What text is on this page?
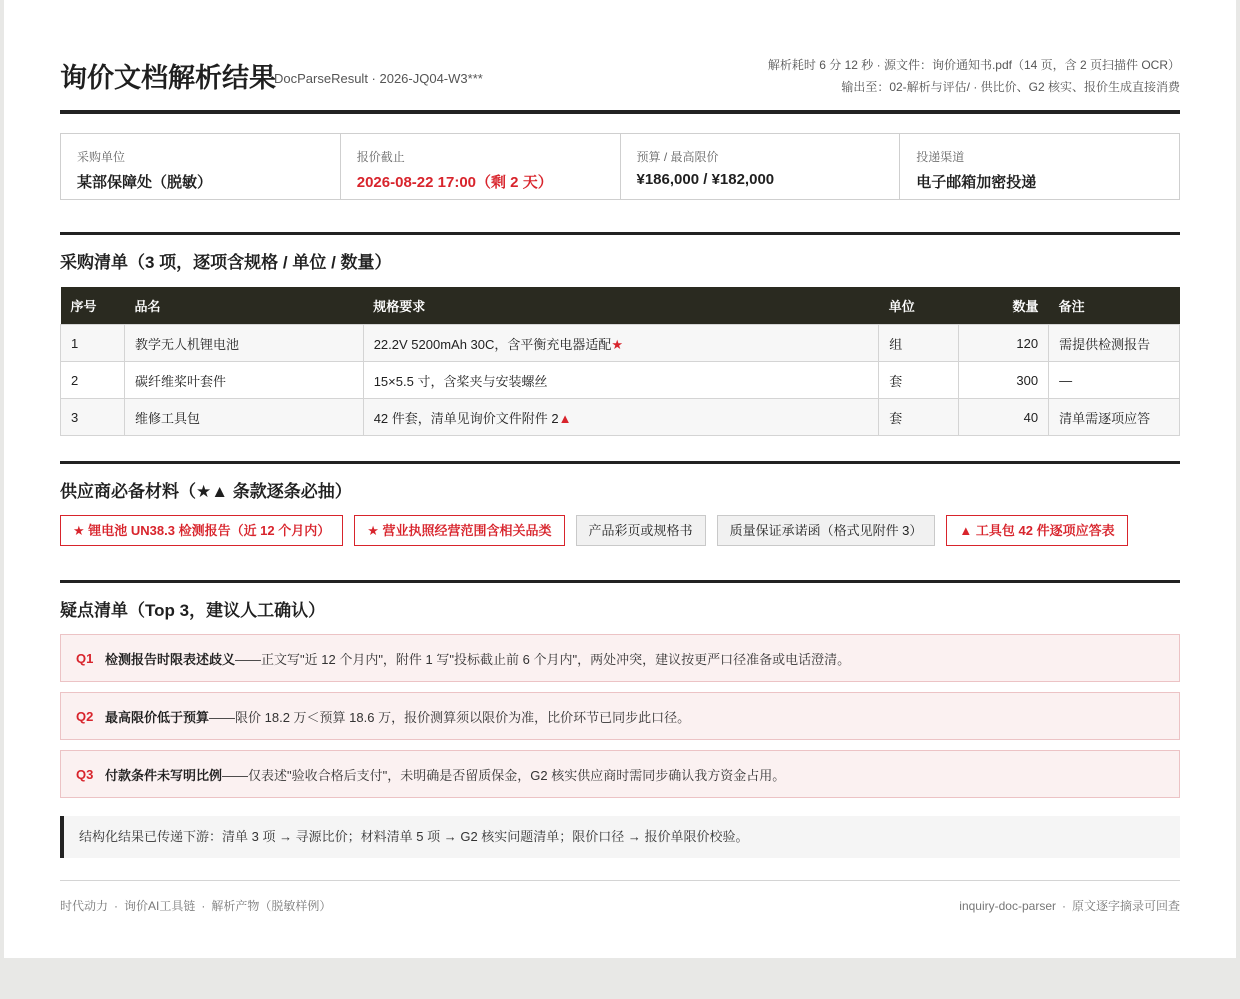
询价文档解析结果
DocParseResult · 2026-JQ04-W3***
解析耗时 6 分 12 秒 · 源文件：询价通知书.pdf（14 页，含 2 页扫描件 OCR）
输出至：02-解析与评估/ · 供比价、G2 核实、报价生成直接消费
采购单位
某部保障处（脱敏）
报价截止
2026-08-22 17:00（剩 2 天）
预算 / 最高限价
¥186,000 / ¥182,000
投递渠道
电子邮箱加密投递
采购清单（3 项，逐项含规格 / 单位 / 数量）
序号	品名	规格要求	单位	数量	备注
1	教学无人机锂电池	22.2V 5200mAh 30C，含平衡充电器适配★	组	120	需提供检测报告
2	碳纤维桨叶套件	15×5.5 寸，含桨夹与安装螺丝	套	300	—
3	维修工具包	42 件套，清单见询价文件附件 2▲	套	40	清单需逐项应答
供应商必备材料（★▲ 条款逐条必抽）
★ 锂电池 UN38.3 检测报告（近 12 个月内）	★ 营业执照经营范围含相关品类	产品彩页或规格书	质量保证承诺函（格式见附件 3）	▲ 工具包 42 件逐项应答表
疑点清单（Top 3，建议人工确认）
Q1 检测报告时限表述歧义 ——正文写"近 12 个月内"，附件 1 写"投标截止前 6 个月内"，两处冲突，建议按更严口径准备或电话澄清。
Q2 最高限价低于预算 ——限价 18.2 万＜预算 18.6 万，报价测算须以限价为准，比价环节已同步此口径。
Q3 付款条件未写明比例 ——仅表述"验收合格后支付"，未明确是否留质保金，G2 核实供应商时需同步确认我方资金占用。
结构化结果已传递下游：清单 3 项 → 寻源比价；材料清单 5 项 → G2 核实问题清单；限价口径 → 报价单限价校验。
时代动力 · 询价AI工具链 · 解析产物（脱敏样例）	inquiry-doc-parser · 原文逐字摘录可回查
